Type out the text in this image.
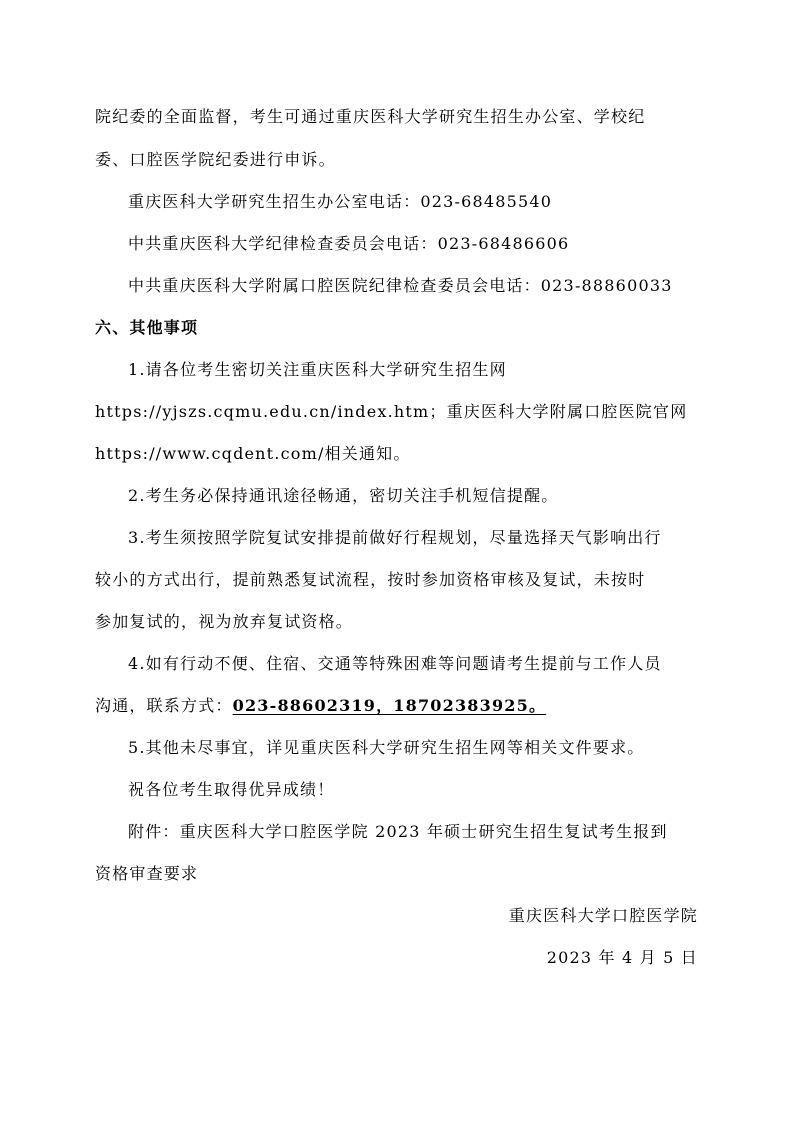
院纪委的全面监督，考生可通过重庆医科大学研究生招生办公室、学校纪
委、口腔医学院纪委进行申诉。
重庆医科大学研究生招生办公室电话：023-68485540
中共重庆医科大学纪律检查委员会电话：023-68486606
中共重庆医科大学附属口腔医院纪律检查委员会电话：023-88860033
六、其他事项
1.请各位考生密切关注重庆医科大学研究生招生网
https://yjszs.cqmu.edu.cn/index.htm；重庆医科大学附属口腔医院官网
https://www.cqdent.com/相关通知。
2.考生务必保持通讯途径畅通，密切关注手机短信提醒。
3.考生须按照学院复试安排提前做好行程规划，尽量选择天气影响出行
较小的方式出行，提前熟悉复试流程，按时参加资格审核及复试，未按时
参加复试的，视为放弃复试资格。
4.如有行动不便、住宿、交通等特殊困难等问题请考生提前与工作人员
沟通，联系方式：023-88602319，18702383925。
5.其他未尽事宜，详见重庆医科大学研究生招生网等相关文件要求。
祝各位考生取得优异成绩！
附件：重庆医科大学口腔医学院 2023 年硕士研究生招生复试考生报到
资格审查要求
重庆医科大学口腔医学院
2023 年 4 月 5 日
